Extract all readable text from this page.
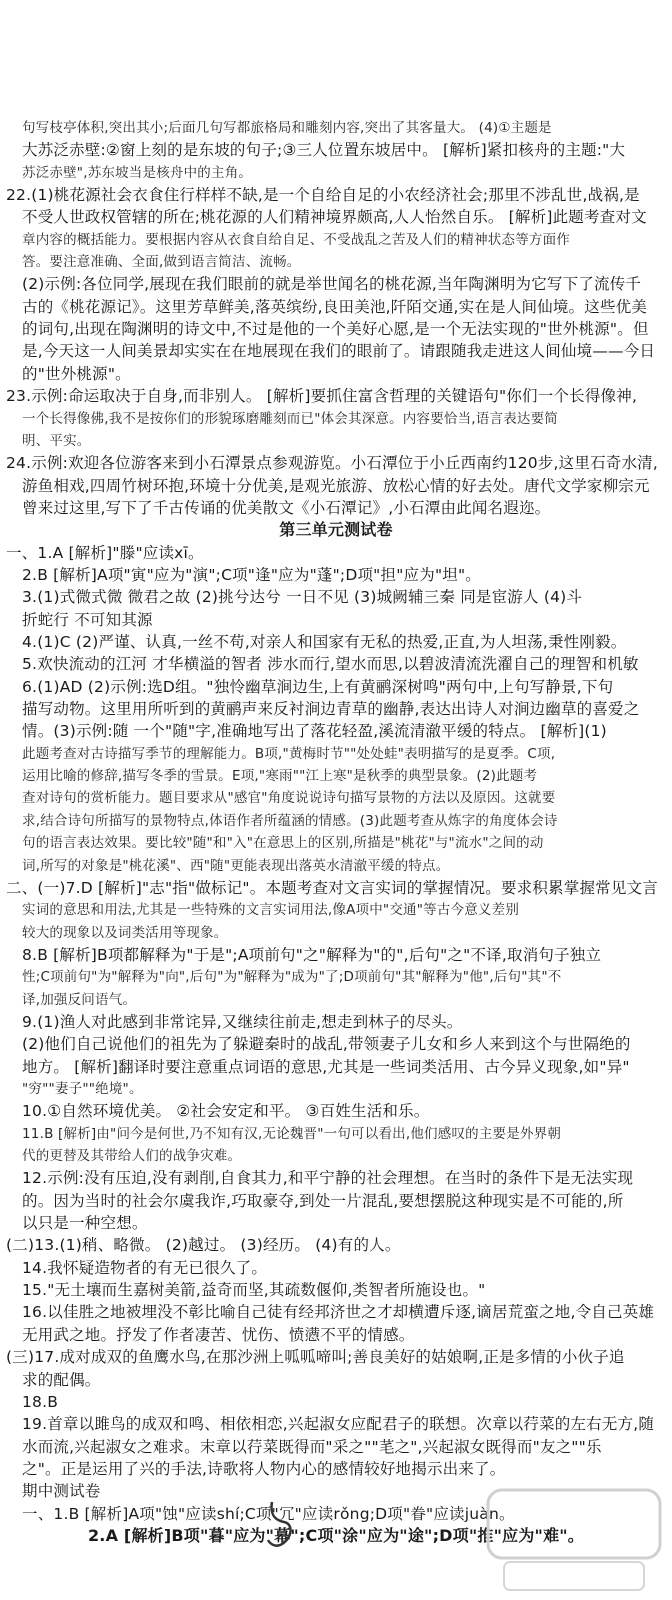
句写枝亭体积,突出其小;后面几句写都旅格局和雕刻内容,突出了其客量大。 (4)①主题是
大苏泛赤壁:②窗上刻的是东坡的句子;③三人位置东坡居中。 [解析]紧扣核舟的主题:"大
苏泛赤壁",苏东坡当是核舟中的主角。
22.(1)桃花源社会衣食住行样样不缺,是一个自给自足的小农经济社会;那里不涉乱世,战祸,是
不受人世政权管辖的所在;桃花源的人们精神境界颇高,人人怡然自乐。 [解析]此题考查对文
章内容的概括能力。要根据内容从衣食自给自足、不受战乱之苦及人们的精神状态等方面作
答。要注意准确、全面,做到语言简洁、流畅。
(2)示例:各位同学,展现在我们眼前的就是举世闻名的桃花源,当年陶渊明为它写下了流传千
古的《桃花源记》。这里芳草鲜美,落英缤纷,良田美池,阡陌交通,实在是人间仙境。这些优美
的词句,出现在陶渊明的诗文中,不过是他的一个美好心愿,是一个无法实现的"世外桃源"。但
是,今天这一人间美景却实实在在地展现在我们的眼前了。请跟随我走进这人间仙境——今日
的"世外桃源"。
23.示例:命运取决于自身,而非别人。 [解析]要抓住富含哲理的关键语句"你们一个长得像神,
一个长得像佛,我不是按你们的形貌琢磨雕刻而已"体会其深意。内容要恰当,语言表达要简
明、平实。
24.示例:欢迎各位游客来到小石潭景点参观游览。小石潭位于小丘西南约120步,这里石奇水清,
游鱼相戏,四周竹树环抱,环境十分优美,是观光旅游、放松心情的好去处。唐代文学家柳宗元
曾来过这里,写下了千古传诵的优美散文《小石潭记》,小石潭由此闻名遐迩。
第三单元测试卷
一、1.A [解析]"滕"应读xī。
2.B [解析]A项"寅"应为"演";C项"逢"应为"蓬";D项"担"应为"坦"。
3.(1)式微式微 微君之故 (2)挑兮达兮 一日不见 (3)城阙辅三秦 同是宦游人 (4)斗
折蛇行 不可知其源
4.(1)C (2)严谨、认真,一丝不苟,对亲人和国家有无私的热爱,正直,为人坦荡,秉性刚毅。
5.欢快流动的江河 才华横溢的智者 涉水而行,望水而思,以碧波清流洗濯自己的理智和机敏
6.(1)AD (2)示例:选D组。"独怜幽草涧边生,上有黄鹂深树鸣"两句中,上句写静景,下句
描写动物。这里用所听到的黄鹂声来反衬涧边青草的幽静,表达出诗人对涧边幽草的喜爱之
情。(3)示例:随 一个"随"字,准确地写出了落花轻盈,溪流清澈平缓的特点。 [解析](1)
此题考查对古诗描写季节的理解能力。B项,"黄梅时节""处处蛙"表明描写的是夏季。C项,
运用比喻的修辞,描写冬季的雪景。E项,"寒雨""江上寒"是秋季的典型景象。(2)此题考
查对诗句的赏析能力。题目要求从"感官"角度说说诗句描写景物的方法以及原因。这就要
求,结合诗句所描写的景物特点,体语作者所蕴涵的情感。(3)此题考查从炼字的角度体会诗
句的语言表达效果。要比较"随"和"入"在意思上的区别,所描是"桃花"与"流水"之间的动
词,所写的对象是"桃花溪"、西"随"更能表现出落英水清澈平缓的特点。
二、(一)7.D [解析]"志"指"做标记"。本题考查对文言实词的掌握情况。要求积累掌握常见文言
实词的意思和用法,尤其是一些特殊的文言实词用法,像A项中"交通"等古今意义差别
较大的现象以及词类活用等现象。
8.B [解析]B项都解释为"于是";A项前句"之"解释为"的",后句"之"不译,取消句子独立
性;C项前句"为"解释为"向",后句"为"解释为"成为"了;D项前句"其"解释为"他",后句"其"不
译,加强反问语气。
9.(1)渔人对此感到非常诧异,又继续往前走,想走到林子的尽头。
(2)他们自己说他们的祖先为了躲避秦时的战乱,带领妻子儿女和乡人来到这个与世隔绝的
地方。 [解析]翻译时要注意重点词语的意思,尤其是一些词类活用、古今异义现象,如"异"
"穷""妻子""绝境"。
10.①自然环境优美。 ②社会安定和平。 ③百姓生活和乐。
11.B [解析]由"问今是何世,乃不知有汉,无论魏晋"一句可以看出,他们感叹的主要是外界朝
代的更替及其带给人们的战争灾难。
12.示例:没有压迫,没有剥削,自食其力,和平宁静的社会理想。在当时的条件下是无法实现
的。因为当时的社会尔虞我诈,巧取豪夺,到处一片混乱,要想摆脱这种现实是不可能的,所
以只是一种空想。
(二)13.(1)稍、略微。 (2)越过。 (3)经历。 (4)有的人。
14.我怀疑造物者的有无已很久了。
15."无土壤而生嘉树美箭,益奇而坚,其疏数偃仰,类智者所施设也。"
16.以佳胜之地被埋没不彰比喻自己徒有经邦济世之才却横遭斥逐,谪居荒蛮之地,令自己英雄
无用武之地。抒发了作者凄苦、忧伤、愤懑不平的情感。
(三)17.成对成双的鱼鹰水鸟,在那沙洲上呱呱啼叫;善良美好的姑娘啊,正是多情的小伙子追
求的配偶。
18.B
19.首章以雎鸟的成双和鸣、相依相恋,兴起淑女应配君子的联想。次章以荇菜的左右无方,随
水而流,兴起淑女之难求。末章以荇菜既得而"采之""芼之",兴起淑女既得而"友之""乐
之"。正是运用了兴的手法,诗歌将人物内心的感情较好地揭示出来了。
期中测试卷
一、1.B [解析]A项"蚀"应读shí;C项"冗"应读rǒng;D项"眷"应读juàn。
2.A [解析]B项"暮"应为"幕";C项"涂"应为"途";D项"推"应为"难"。
